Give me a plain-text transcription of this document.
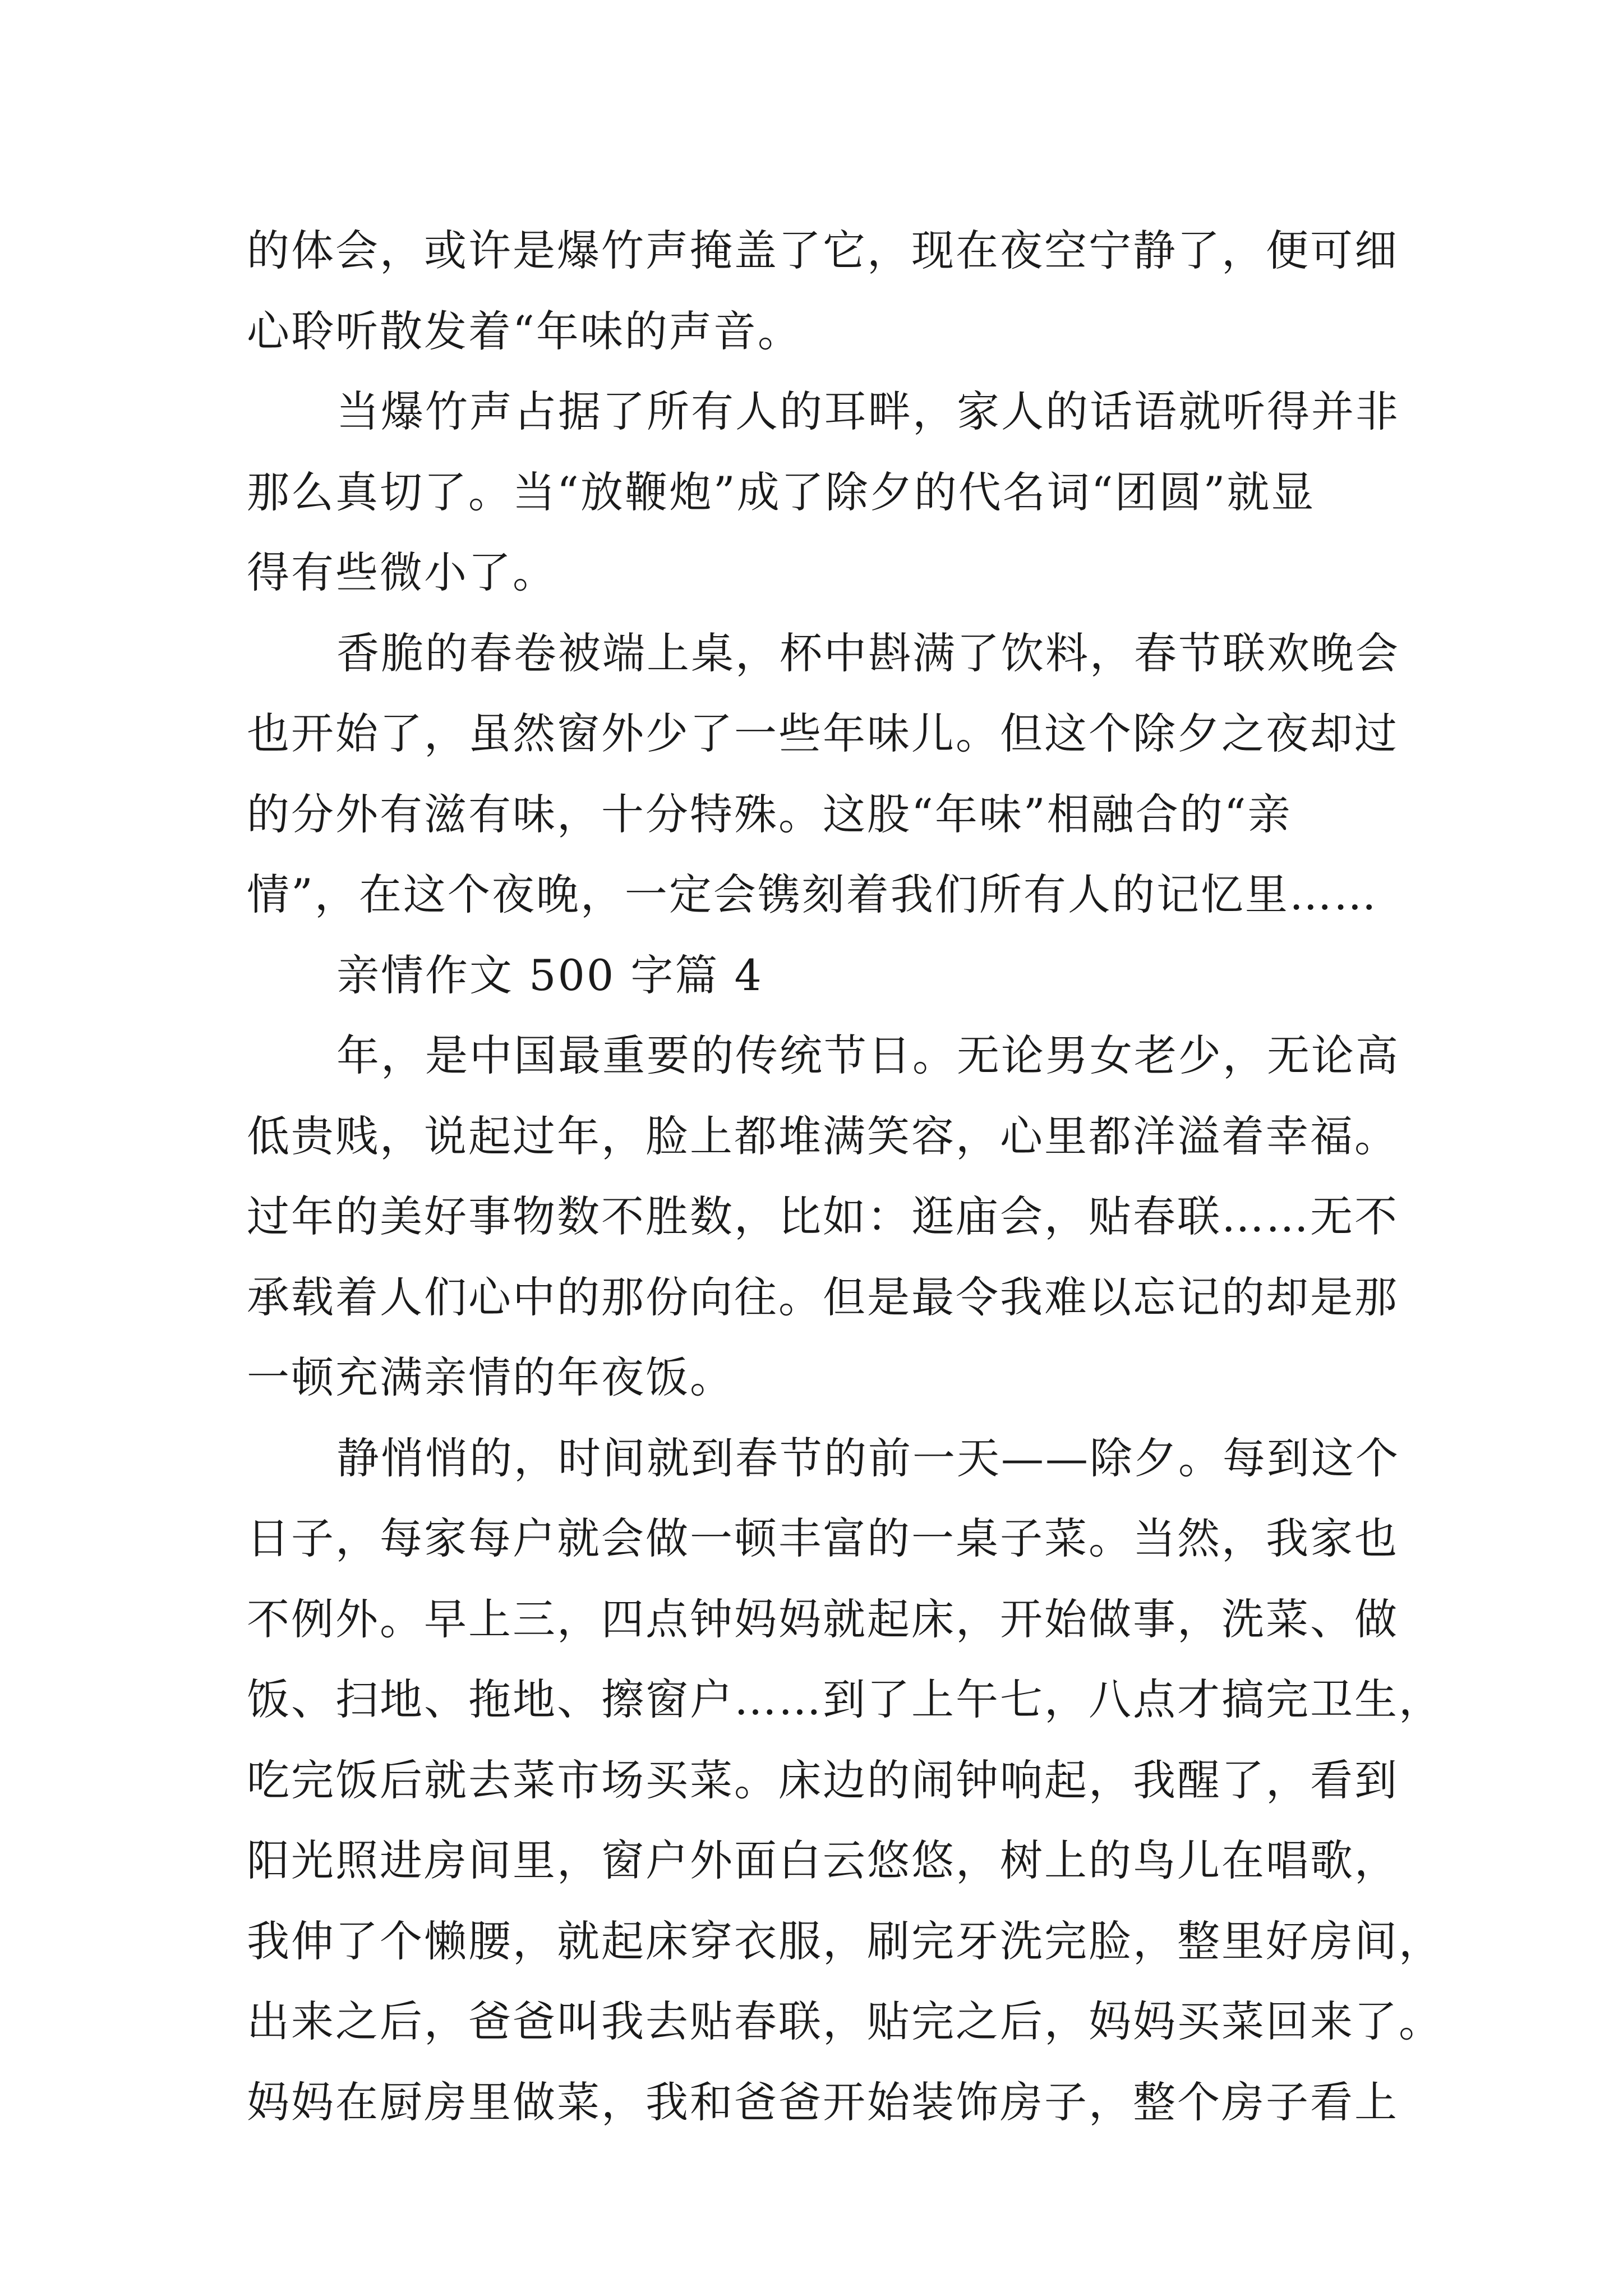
的体会，或许是爆竹声掩盖了它，现在夜空宁静了，便可细
心聆听散发着“年味的声音。
当爆竹声占据了所有人的耳畔，家人的话语就听得并非
那么真切了。当“放鞭炮”成了除夕的代名词“团圆”就显
得有些微小了。
香脆的春卷被端上桌，杯中斟满了饮料，春节联欢晚会
也开始了，虽然窗外少了一些年味儿。但这个除夕之夜却过
的分外有滋有味，十分特殊。这股“年味”相融合的“亲
情”，在这个夜晚，一定会镌刻着我们所有人的记忆里……
亲情作文 500 字篇 4
年，是中国最重要的传统节日。无论男女老少，无论高
低贵贱，说起过年，脸上都堆满笑容，心里都洋溢着幸福。
过年的美好事物数不胜数，比如：逛庙会，贴春联……无不
承载着人们心中的那份向往。但是最令我难以忘记的却是那
一顿充满亲情的年夜饭。
静悄悄的，时间就到春节的前一天——除夕。每到这个
日子，每家每户就会做一顿丰富的一桌子菜。当然，我家也
不例外。早上三，四点钟妈妈就起床，开始做事，洗菜、做
饭、扫地、拖地、擦窗户……到了上午七，八点才搞完卫生，
吃完饭后就去菜市场买菜。床边的闹钟响起，我醒了，看到
阳光照进房间里，窗户外面白云悠悠，树上的鸟儿在唱歌，
我伸了个懒腰，就起床穿衣服，刷完牙洗完脸，整里好房间，
出来之后，爸爸叫我去贴春联，贴完之后，妈妈买菜回来了。
妈妈在厨房里做菜，我和爸爸开始装饰房子，整个房子看上
